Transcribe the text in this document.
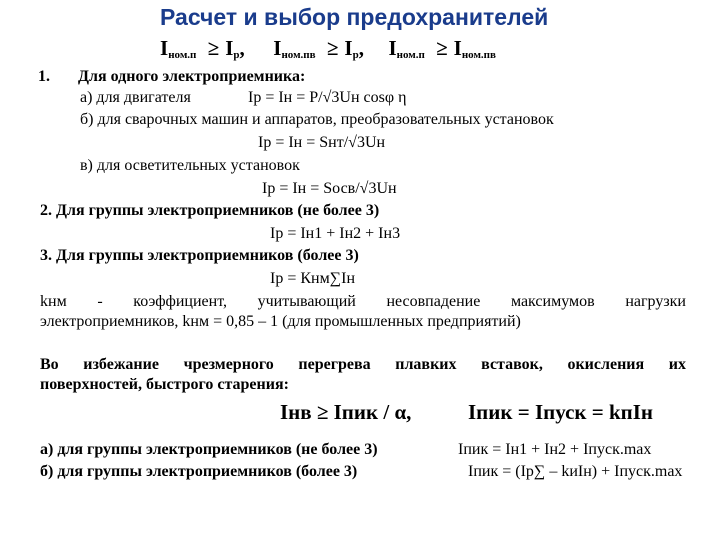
Расчет и выбор предохранителей
$I_{ном.п} \ge I_р$, $I_{ном.пв} \ge I_р$, $I_{ном.п} \ge I_{ном.пв}$
1. Для одного электроприемника:
а) для двигателя	Iр = Iн = P/√3Uн cosφ η
б) для сварочных машин и аппаратов, преобразовательных установок
Iр = Iн = Sнт/√3Uн
в) для осветительных установок
Iр = Iн = Sосв/√3Uн
2. Для группы электроприемников (не более 3)
Iр = Iн1 + Iн2 + Iн3
3. Для группы электроприемников (более 3)
Iр = Кнм∑Iн
kнм - коэффициент, учитывающий несовпадение максимумов нагрузки
электроприемников, kнм = 0,85 – 1 (для промышленных предприятий)
Во избежание чрезмерного перегрева плавких вставок, окисления их
поверхностей, быстрого старения:
Iнв ≥ Iпик / α,	Iпик = Iпуск = kпIн
а) для группы электроприемников (не более 3)	Iпик = Iн1 + Iн2 + Iпуск.max
б) для группы электроприемников (более 3)	Iпик = (Iр∑ – kиIн) + Iпуск.max
